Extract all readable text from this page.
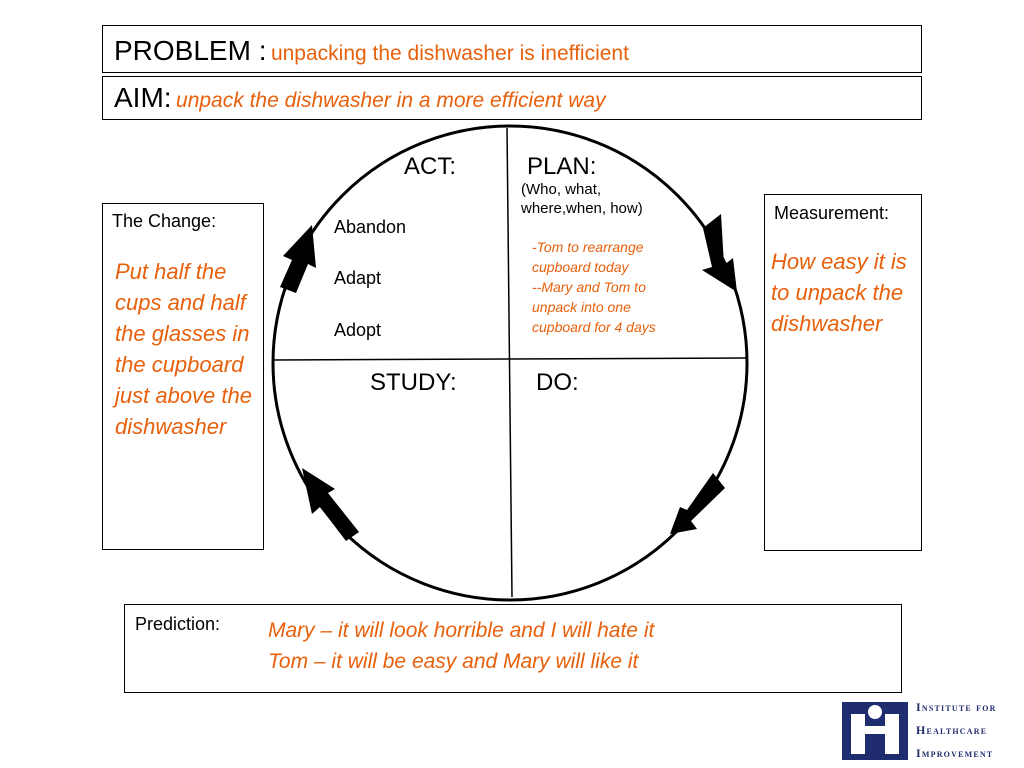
PROBLEM : unpacking the dishwasher is inefficient
AIM: unpack the dishwasher in a more efficient way
The Change:
Put half the cups and half the glasses in the cupboard just above the dishwasher
Measurement:
How easy it is to unpack the dishwasher
ACT:
Abandon
Adapt
Adopt
PLAN:
(Who, what,
where,when, how)
-Tom to rearrange
cupboard today
--Mary and Tom to
unpack into one
cupboard for 4 days
STUDY:	DO:
Prediction: Mary – it will look horrible and I will hate it
Tom – it will be easy and Mary will like it
Institute for
Healthcare
Improvement
